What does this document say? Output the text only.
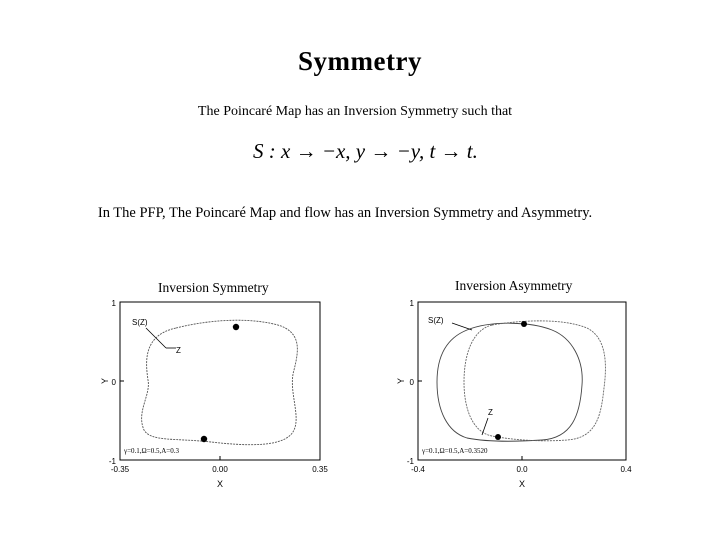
Symmetry
The Poincaré Map has an Inversion Symmetry such that
S : x → −x, y → −y, t → t.
In The PFP, The Poincaré Map and flow has an Inversion Symmetry and Asymmetry.
Inversion Symmetry	Inversion Asymmetry
-0.35	0.00	0.35
1
0
-1
X
Y
S(Z)
Z
γ=0.1,Ω=0.5,A=0.3
-0.4	0.0	0.4
1
0
-1
X
Y
S(Z)
Z
γ=0.1,Ω=0.5,A=0.3520
